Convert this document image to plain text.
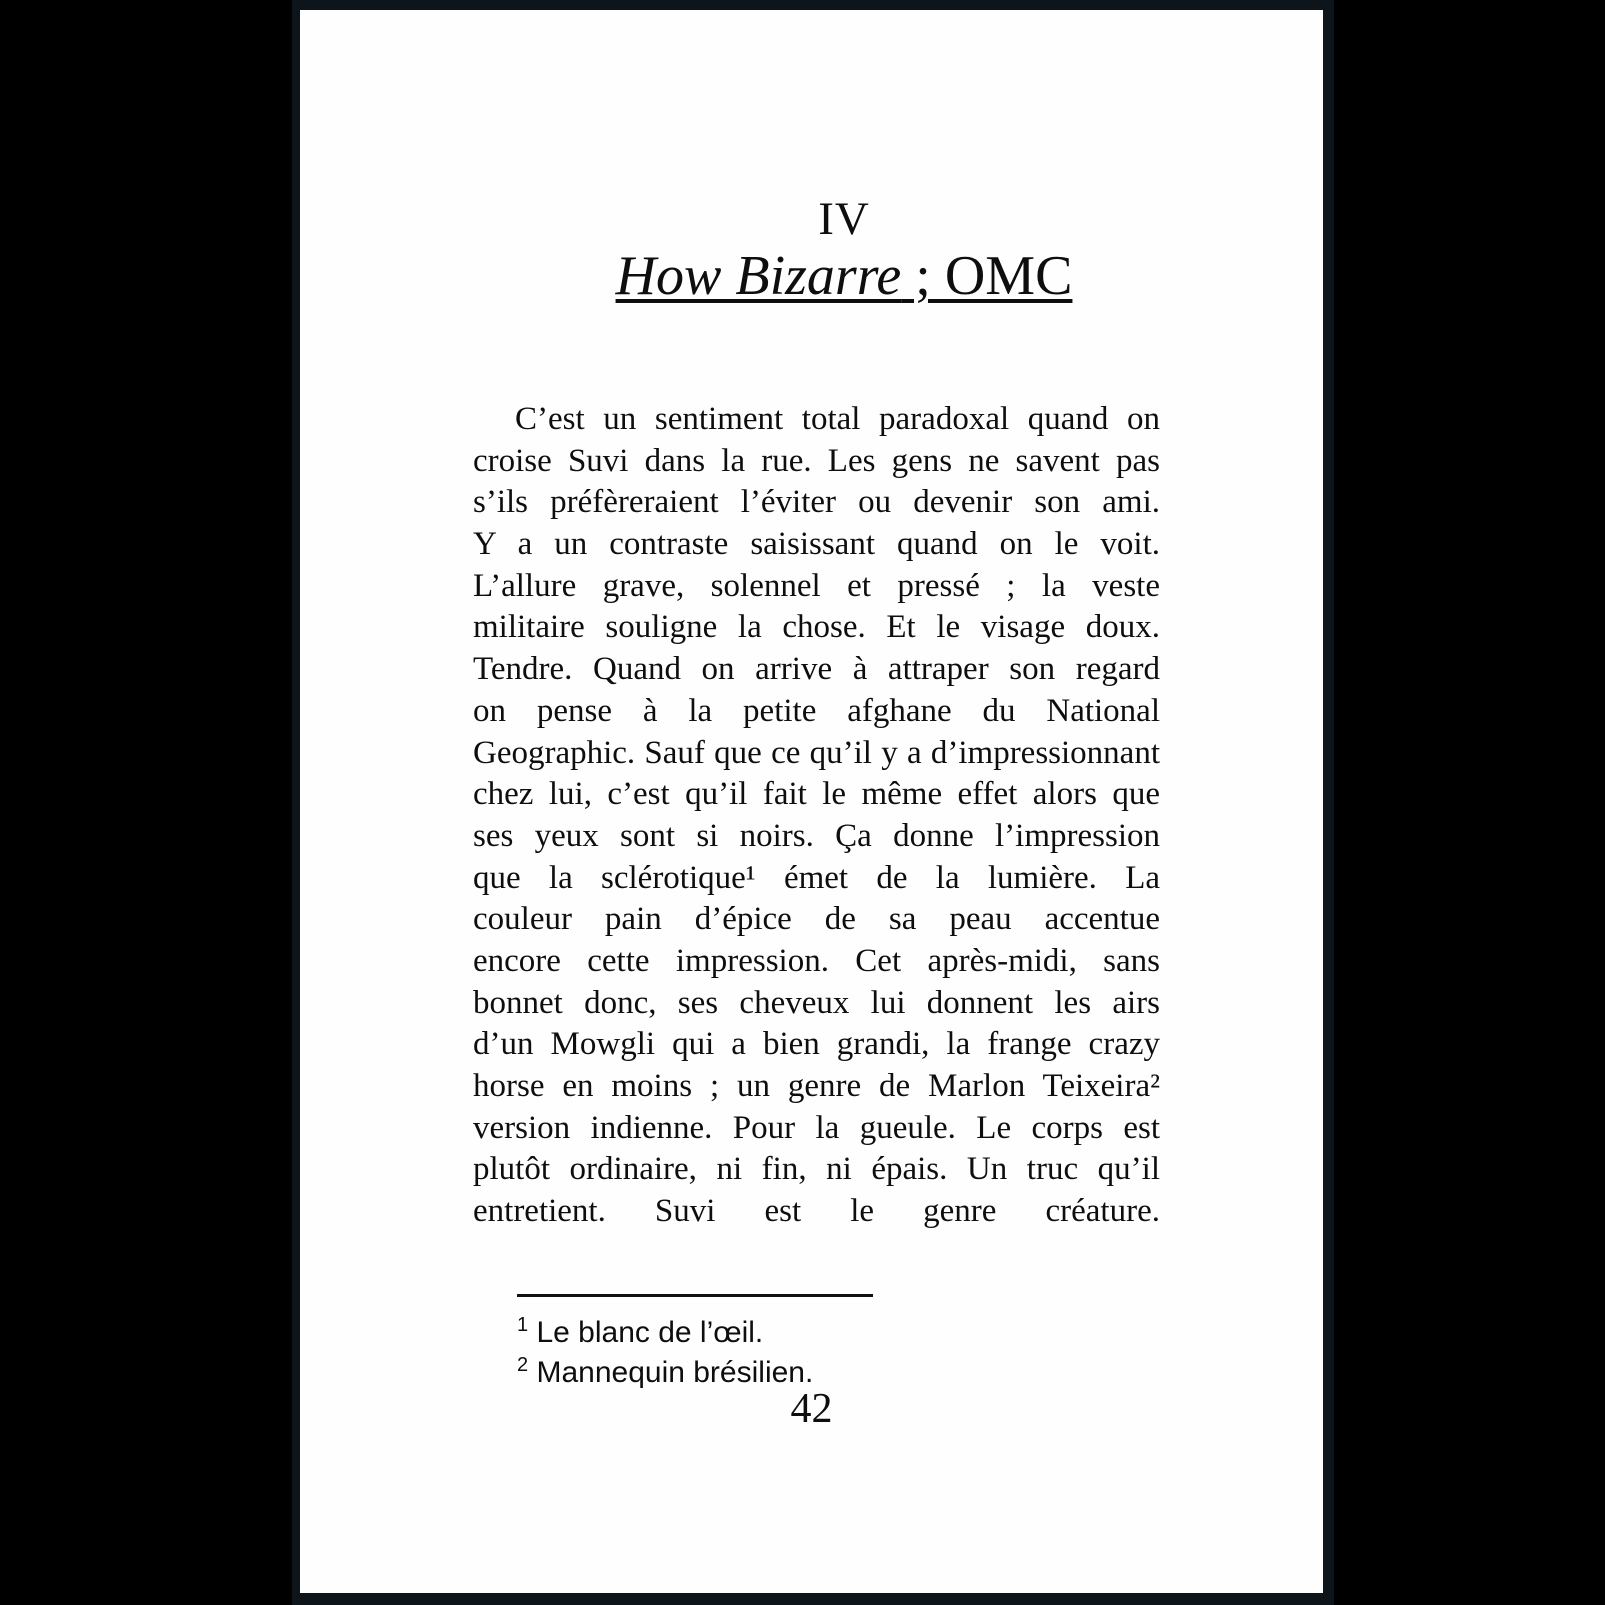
IV
How Bizarre ; OMC
C’est un sentiment total paradoxal quand on
croise Suvi dans la rue. Les gens ne savent pas
s’ils préfèreraient l’éviter ou devenir son ami.
Y a un contraste saisissant quand on le voit.
L’allure grave, solennel et pressé ; la veste
militaire souligne la chose. Et le visage doux.
Tendre. Quand on arrive à attraper son regard
on pense à la petite afghane du National
Geographic. Sauf que ce qu’il y a d’impressionnant
chez lui, c’est qu’il fait le même effet alors que
ses yeux sont si noirs. Ça donne l’impression
que la sclérotique¹ émet de la lumière. La
couleur pain d’épice de sa peau accentue
encore cette impression. Cet après-midi, sans
bonnet donc, ses cheveux lui donnent les airs
d’un Mowgli qui a bien grandi, la frange crazy
horse en moins ; un genre de Marlon Teixeira²
version indienne. Pour la gueule. Le corps est
plutôt ordinaire, ni fin, ni épais. Un truc qu’il
entretient. Suvi est le genre créature.
$^1$ Le blanc de l’œil.
$^2$ Mannequin brésilien.
42
